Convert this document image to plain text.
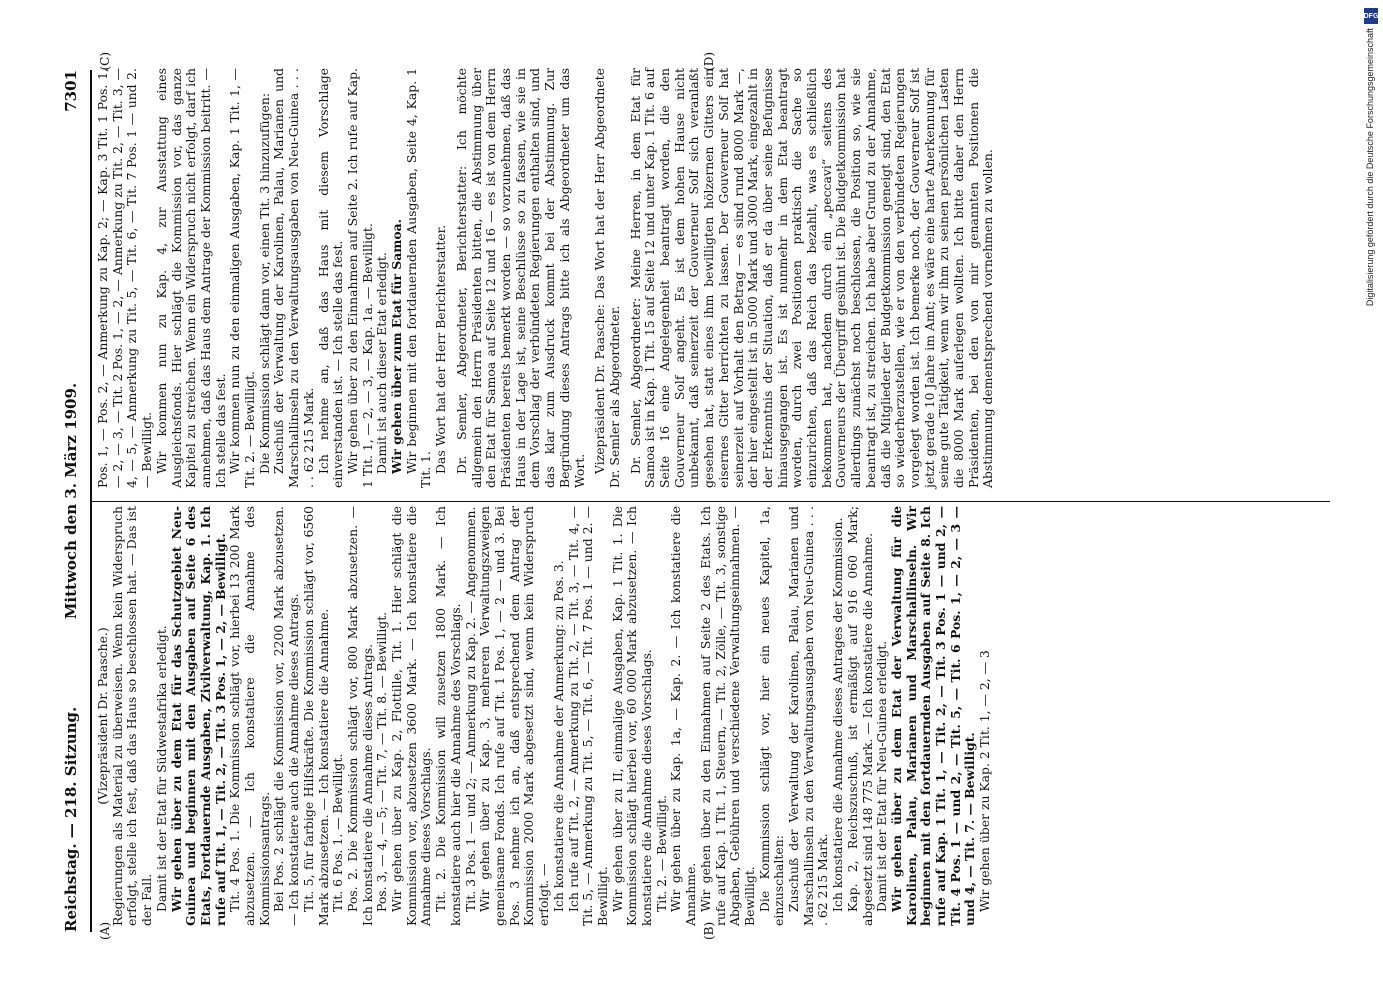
Reichstag. — 218. Sitzung.
Mittwoch den 3. März 1909.
7301
(A)	(B)
(C)	(D)

(Vizepräsident Dr. Paasche.) Regierungen als Material zu überweisen. Wenn kein Widerspruch erfolgt, stelle ich fest, daß das Haus so beschlossen hat. — Das ist der Fall. Damit ist der Etat für Südwestafrika erledigt. Wir gehen über zu dem Etat für das Schutzgebiet Neu-Guinea und beginnen mit den Ausgaben auf Seite 6 des Etats, Fortdauernde Ausgaben, Zivilverwaltung, Kap. 1. Ich rufe auf Tit. 1, — Tit. 2, — Tit. 3 Pos. 1, — 2, — Bewilligt. Tit. 4 Pos. 1. Die Kommission schlägt vor, hierbei 13 200 Mark abzusetzen. — Ich konstatiere die Annahme des Kommissionsantrags. Bei Pos. 2 schlägt die Kommission vor, 2200 Mark abzusetzen. — Ich konstatiere auch die Annahme dieses Antrags. Tit. 5, für farbige Hilfskräfte. Die Kommission schlägt vor, 6560 Mark abzusetzen. — Ich konstatiere die Annahme. Tit. 6 Pos. 1. — Bewilligt. Pos. 2. Die Kommission schlägt vor, 800 Mark abzusetzen. — Ich konstatiere die Annahme dieses Antrags. Pos. 3, — 4, — 5; — Tit. 7, — Tit. 8. — Bewilligt. Wir gehen über zu Kap. 2, Flottille, Tit. 1. Hier schlägt die Kommission vor, abzusetzen 3600 Mark. — Ich konstatiere die Annahme dieses Vorschlags. Tit. 2. Die Kommission will zusetzen 1800 Mark. — Ich konstatiere auch hier die Annahme des Vorschlags. Tit. 3 Pos. 1 — und 2; — Anmerkung zu Kap. 2. — Angenommen. Wir gehen über zu Kap. 3, mehreren Verwaltungszweigen gemeinsame Fonds. Ich rufe auf Tit. 1 Pos. 1, — 2 — und 3. Bei Pos. 3 nehme ich an, daß entsprechend dem Antrag der Kommission 2000 Mark abgesetzt sind, wenn kein Widerspruch erfolgt. — Ich konstatiere die Annahme der Anmerkung: zu Pos. 3. Ich rufe auf Tit. 2, — Anmerkung zu Tit. 2, — Tit. 3, — Tit. 4, — Tit. 5, — Anmerkung zu Tit. 5, — Tit. 6, — Tit. 7 Pos. 1 — und 2. — Bewilligt. Wir gehen über zu II, einmalige Ausgaben, Kap. 1 Tit. 1. Die Kommission schlägt hierbei vor, 60 000 Mark abzusetzen. — Ich konstatiere die Annahme dieses Vorschlags. Tit. 2. — Bewilligt. Wir gehen über zu Kap. 1a, — Kap. 2. — Ich konstatiere die Annahme. Wir gehen über zu den Einnahmen auf Seite 2 des Etats. Ich rufe auf Kap. 1 Tit. 1, Steuern, — Tit. 2, Zölle, — Tit. 3, sonstige Abgaben, Gebühren und verschiedene Verwaltungseinnahmen. — Bewilligt. Die Kommission schlägt vor, hier ein neues Kapitel, 1a, einzuschalten: Zuschuß der Verwaltung der Karolinen, Palau, Marianen und Marschallinseln zu den Verwaltungsausgaben von Neu-Guinea . . . . 62 215 Mark. Ich konstatiere die Annahme dieses Antrages der Kommission. Kap. 2, Reichszuschuß, ist ermäßigt auf 916 060 Mark; abgesetzt sind 148 775 Mark. — Ich konstatiere die Annahme. Damit ist der Etat für Neu-Guinea erledigt. Wir gehen über zu dem Etat der Verwaltung für die Karolinen, Palau, Marianen und Marschallinseln. Wir beginnen mit den fortdauernden Ausgaben auf Seite 8. Ich rufe auf Kap. 1 Tit. 1, — Tit. 2, — Tit. 3 Pos. 1 — und 2, — Tit. 4 Pos. 1 — und 2, — Tit. 5, — Tit. 6 Pos. 1, — 2, — 3 — und 4, — Tit. 7. — Bewilligt. Wir gehen über zu Kap. 2 Tit. 1, — 2, — 3

Pos. 1, — Pos. 2, — Anmerkung zu Kap. 2; — Kap. 3 Tit. 1 Pos. 1, — 2, — 3, — Tit. 2 Pos. 1, — 2, — Anmerkung zu Tit. 2, — Tit. 3, — 4, — 5, — Anmerkung zu Tit. 5, — Tit. 6, — Tit. 7 Pos. 1 — und 2. — Bewilligt. Wir kommen nun zu Kap. 4, zur Ausstattung eines Ausgleichsfonds. Hier schlägt die Kommission vor, das ganze Kapitel zu streichen. Wenn ein Widerspruch nicht erfolgt, darf ich annehmen, daß das Haus dem Antrage der Kommission beitritt. — Ich stelle das fest. Wir kommen nun zu den einmaligen Ausgaben, Kap. 1 Tit. 1, — Tit. 2. — Bewilligt. Die Kommission schlägt dann vor, einen Tit. 3 hinzuzufügen: Zuschuß der Verwaltung der Karolinen, Palau, Marianen und Marschallinseln zu den Verwaltungsausgaben von Neu-Guinea . . . . . 62 215 Mark. Ich nehme an, daß das Haus mit diesem Vorschlage einverstanden ist. — Ich stelle das fest. Wir gehen über zu den Einnahmen auf Seite 2. Ich rufe auf Kap. 1 Tit. 1, — 2, — 3, — Kap. 1a. — Bewilligt. Damit ist auch dieser Etat erledigt. Wir gehen über zum Etat für Samoa. Wir beginnen mit den fortdauernden Ausgaben, Seite 4, Kap. 1 Tit. 1. Das Wort hat der Herr Berichterstatter. Dr. Semler, Abgeordneter, Berichterstatter: Ich möchte allgemein den Herrn Präsidenten bitten, die Abstimmung über den Etat für Samoa auf Seite 12 und 16 — es ist von dem Herrn Präsidenten bereits bemerkt worden — so vorzunehmen, daß das Haus in der Lage ist, seine Beschlüsse so zu fassen, wie sie in dem Vorschlag der verbündeten Regierungen enthalten sind, und das klar zum Ausdruck kommt bei der Abstimmung. Zur Begründung dieses Antrags bitte ich als Abgeordneter um das Wort. Vizepräsident Dr. Paasche: Das Wort hat der Herr Abgeordnete Dr. Semler als Abgeordneter. Dr. Semler, Abgeordneter: Meine Herren, in dem Etat für Samoa ist in Kap. 1 Tit. 15 auf Seite 12 und unter Kap. 1 Tit. 6 auf Seite 16 eine Angelegenheit beantragt worden, die den Gouverneur Solf angeht. Es ist dem hohen Hause nicht unbekannt, daß seinerzeit der Gouverneur Solf sich veranlaßt gesehen hat, statt eines ihm bewilligten hölzernen Gitters ein eisernes Gitter herrichten zu lassen. Der Gouverneur Solf hat seinerzeit auf Vorhalt den Betrag — es sind rund 8000 Mark —, der hier eingestellt ist in 5000 Mark und 3000 Mark, eingezahlt in der Erkenntnis der Situation, daß er da über seine Befugnisse hinausgegangen ist. Es ist nunmehr in dem Etat beantragt worden, durch zwei Positionen praktisch die Sache so einzurichten, daß das Reich das bezahlt, was es schließlich bekommen hat, nachdem durch ein „peccavi“ seitens des Gouverneurs der Übergriff gesühnt ist. Die Budgetkommission hat allerdings zunächst noch beschlossen, die Position so, wie sie beantragt ist, zu streichen. Ich habe aber Grund zu der Annahme, daß die Mitglieder der Budgetkommission geneigt sind, den Etat so wiederherzustellen, wie er von den verbündeten Regierungen vorgelegt worden ist. Ich bemerke noch, der Gouverneur Solf ist jetzt gerade 10 Jahre im Amt; es wäre eine harte Anerkennung für seine gute Tätigkeit, wenn wir ihm zu seinen persönlichen Lasten die 8000 Mark auferlegen wollten. Ich bitte daher den Herrn Präsidenten, bei den von mir genannten Positionen die Abstimmung dementsprechend vornehmen zu wollen.

DFG
Digitalisierung gefördert durch die Deutsche Forschungsgemeinschaft
